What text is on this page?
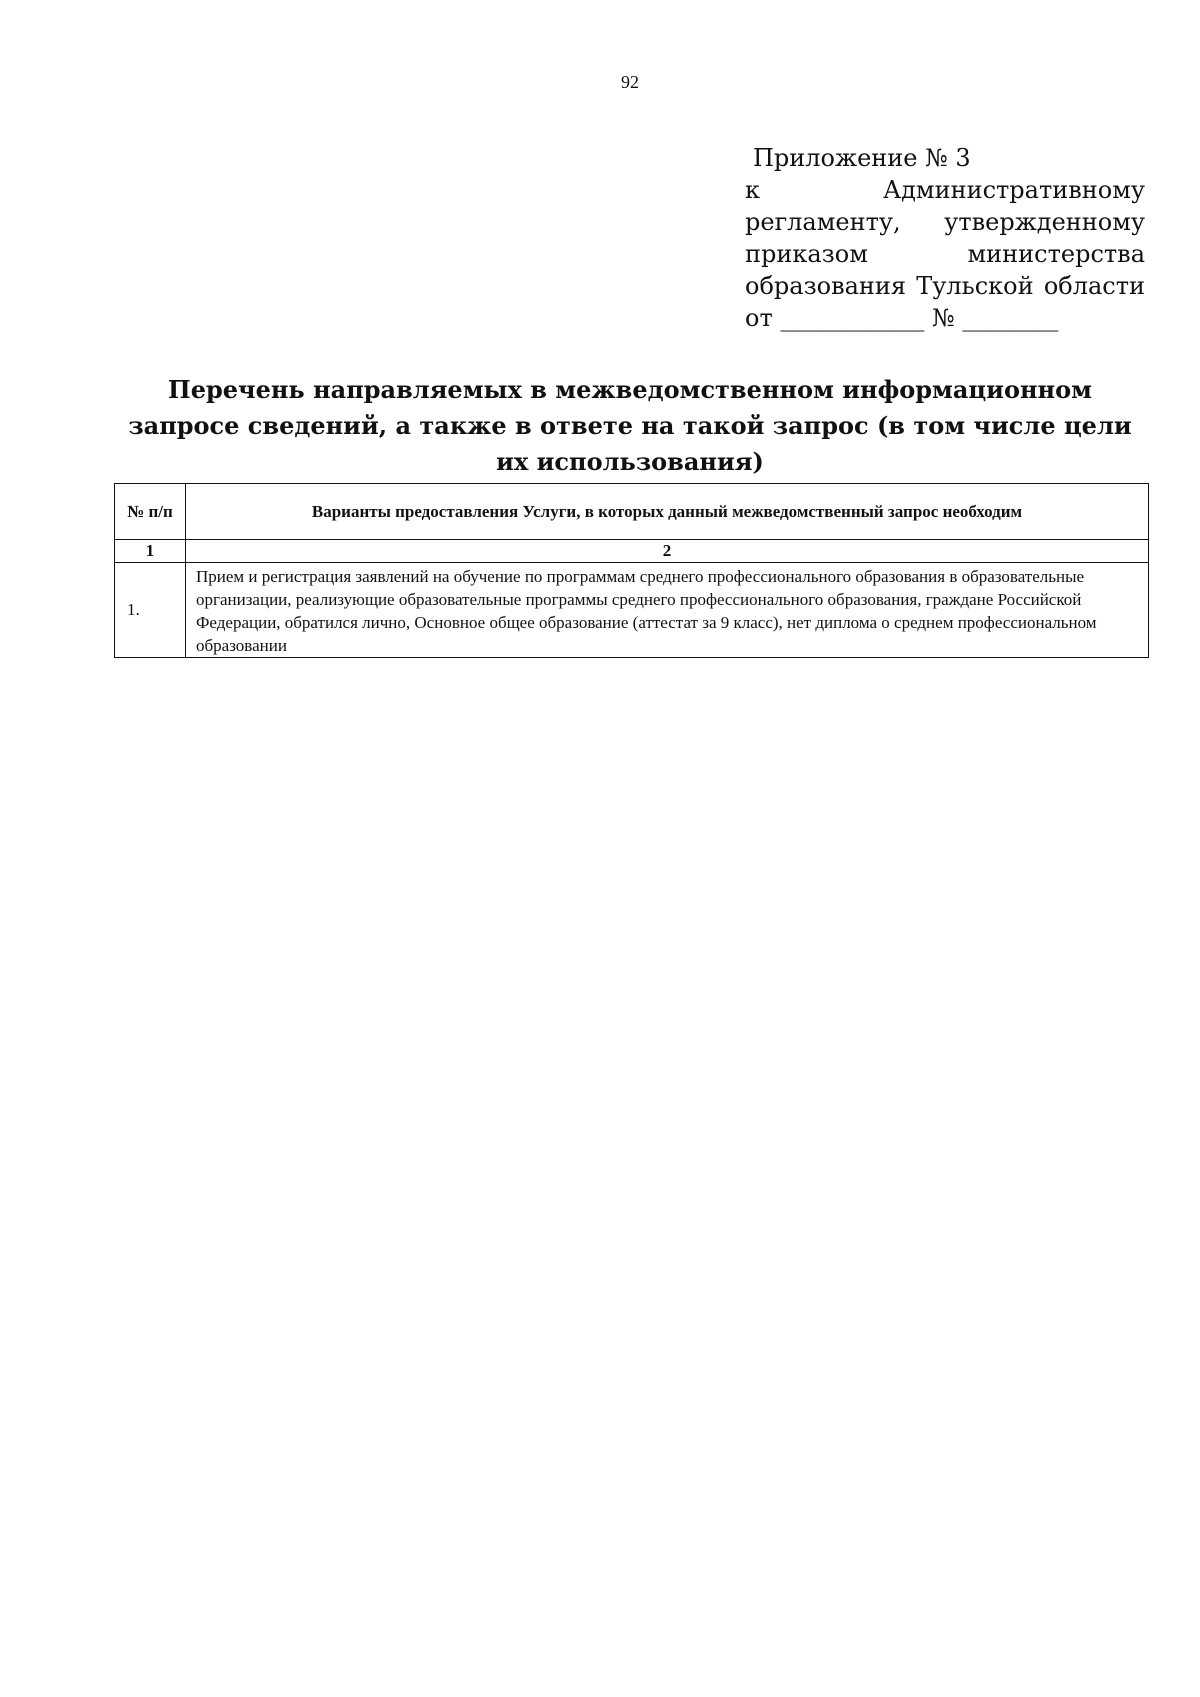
92
Приложение № 3
к Административному
регламенту, утвержденному
приказом министерства
образования Тульской области
от ____________ № ________
Перечень направляемых в межведомственном информационном запросе сведений, а также в ответе на такой запрос (в том числе цели их использования)
№ п/п	Варианты предоставления Услуги, в которых данный межведомственный запрос необходим
1	2
1.	Прием и регистрация заявлений на обучение по программам среднего профессионального образования в образовательные организации, реализующие образовательные программы среднего профессионального образования, граждане Российской Федерации, обратился лично, Основное общее образование (аттестат за 9 класс), нет диплома о среднем профессиональном образовании
